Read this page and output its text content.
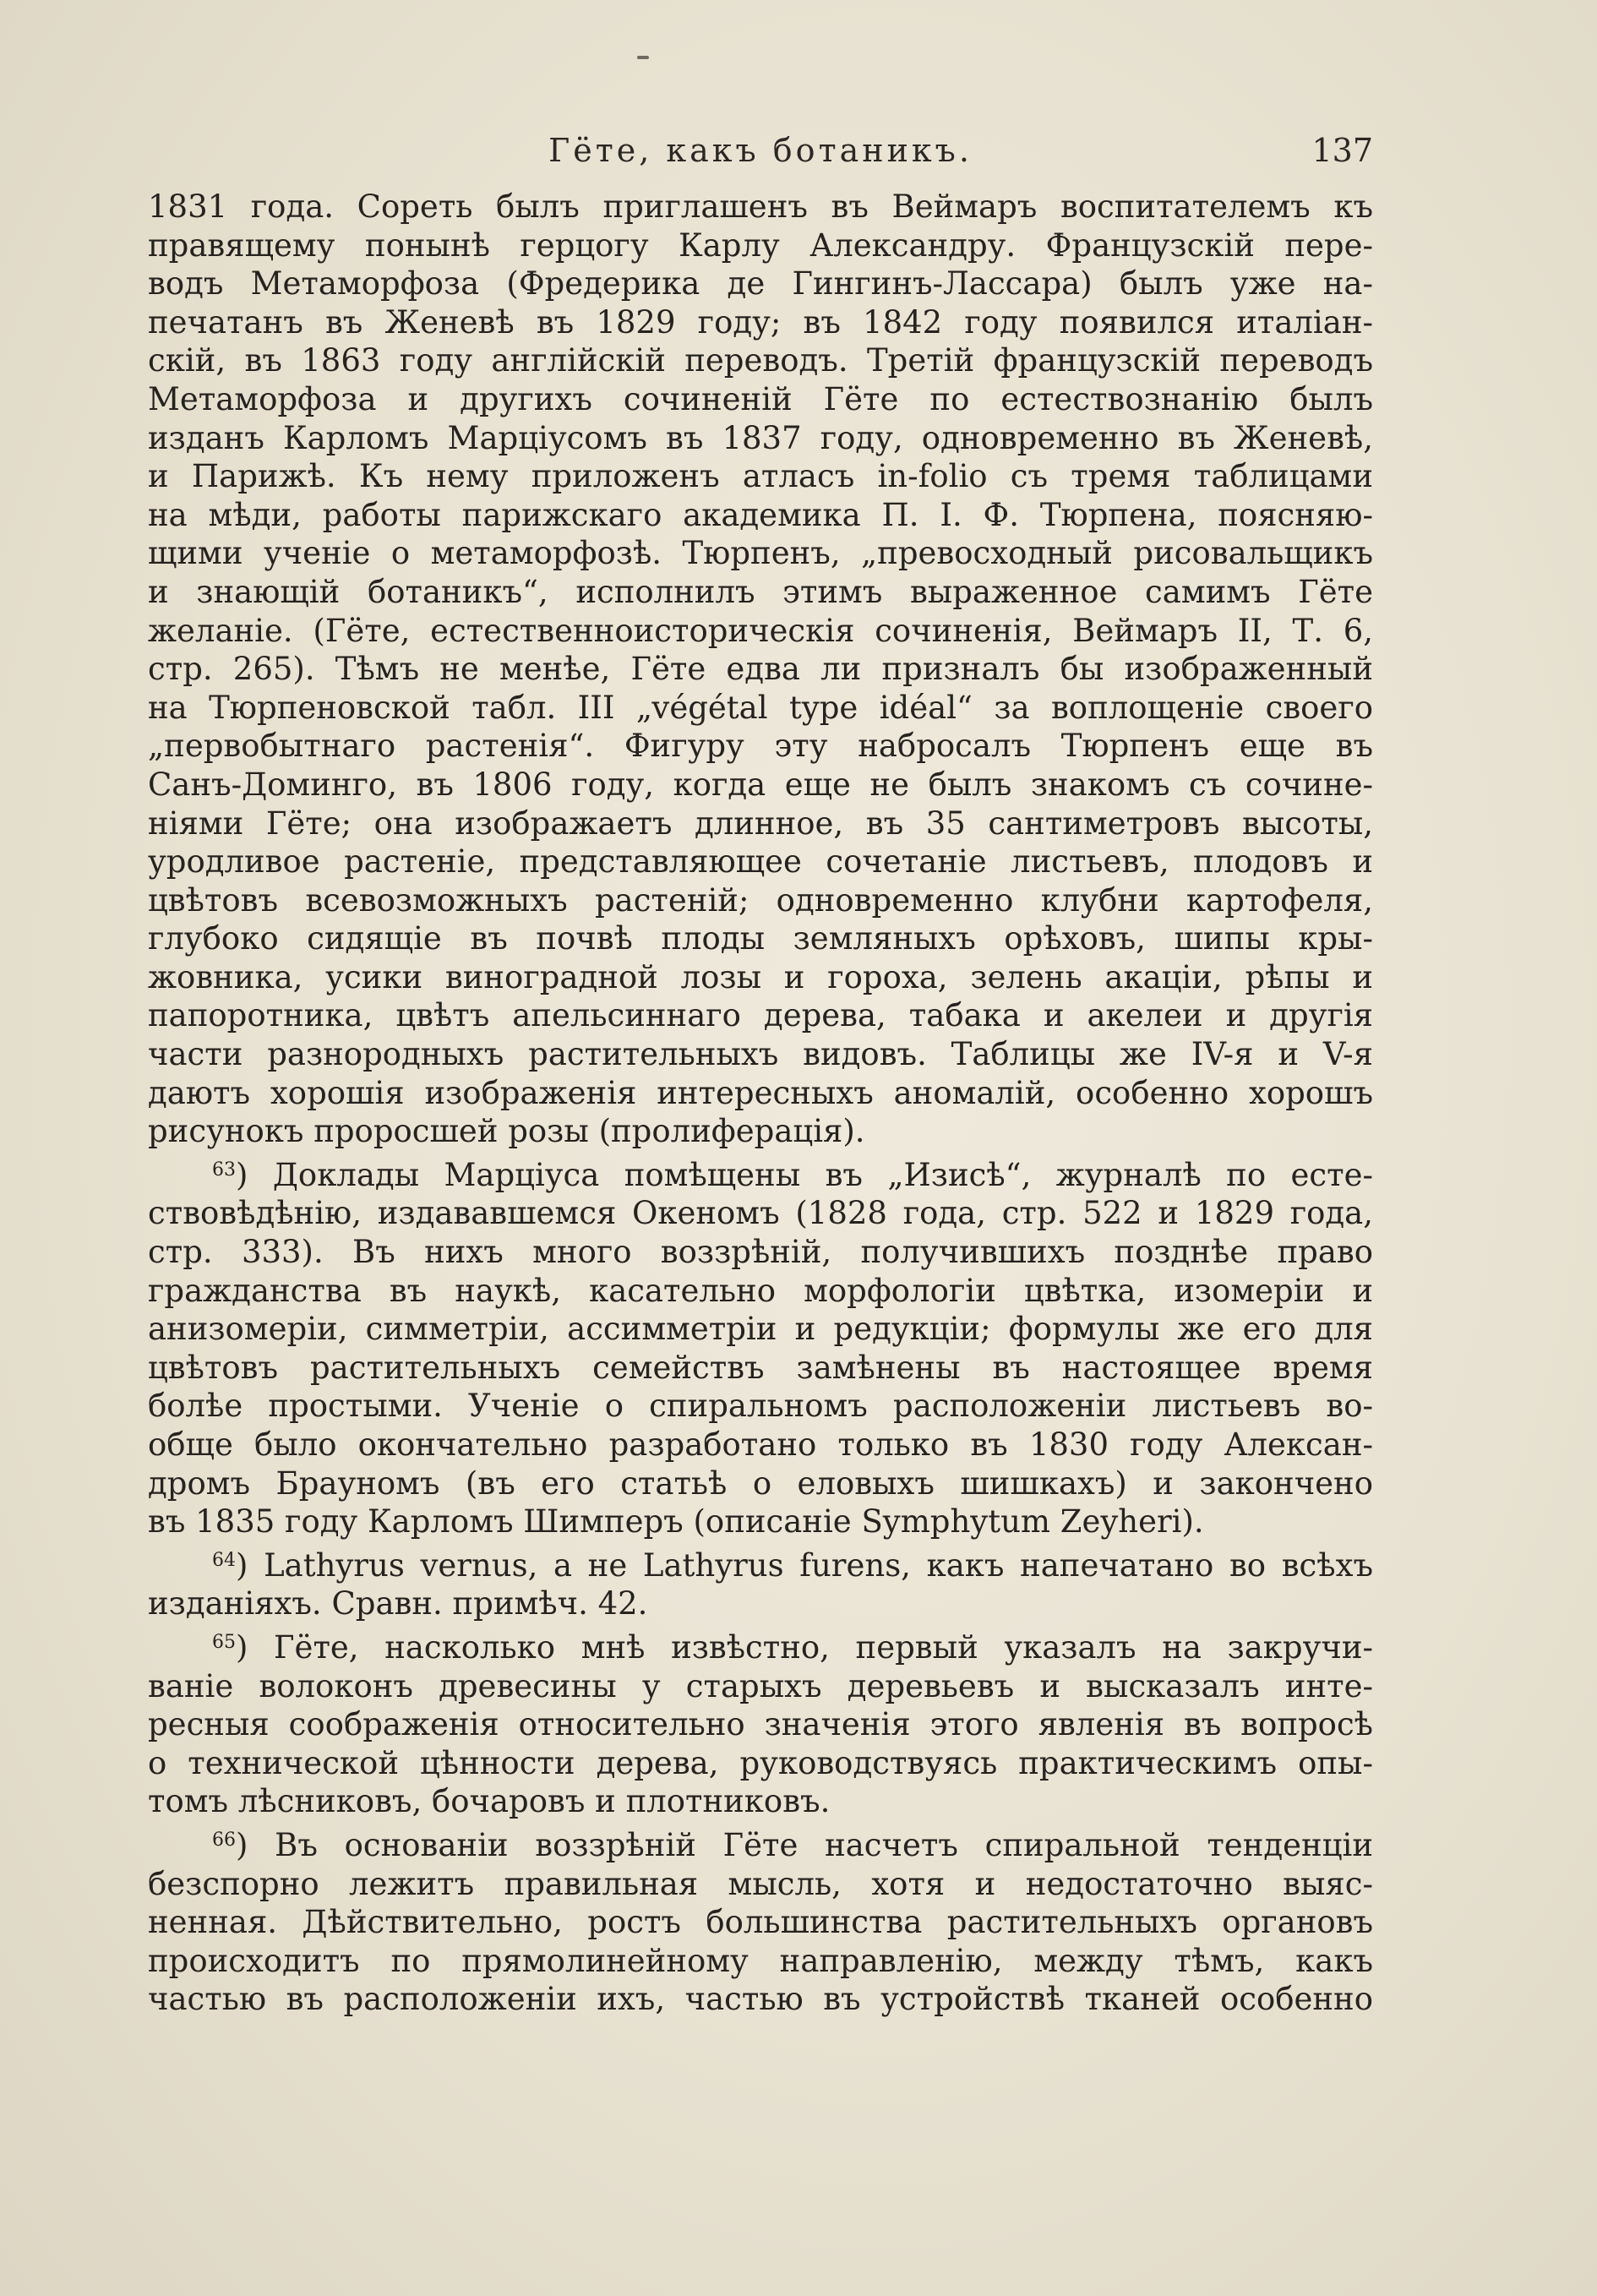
Гёте, какъ ботаникъ.	137
1831 года. Сореть былъ приглашенъ въ Веймаръ воспитателемъ къ
правящему понынѣ герцогу Карлу Александру. Французскій пере-
водъ Метаморфоза (Фредерика де Гингинъ-Лассара) былъ уже на-
печатанъ въ Женевѣ въ 1829 году; въ 1842 году появился италіан-
скій, въ 1863 году англійскій переводъ. Третій французскій переводъ
Метаморфоза и другихъ сочиненій Гёте по естествознанію былъ
изданъ Карломъ Марціусомъ въ 1837 году, одновременно въ Женевѣ,
и Парижѣ. Къ нему приложенъ атласъ in-folio съ тремя таблицами
на мѣди, работы парижскаго академика П. I. Ф. Тюрпена, поясняю-
щими ученіе о метаморфозѣ. Тюрпенъ, „превосходный рисовальщикъ
и знающій ботаникъ“, исполнилъ этимъ выраженное самимъ Гёте
желаніе. (Гёте, естественноисторическія сочиненія, Веймаръ II, Т. 6,
стр. 265). Тѣмъ не менѣе, Гёте едва ли призналъ бы изображенный
на Тюрпеновской табл. III „végétal type idéal“ за воплощеніе своего
„первобытнаго растенія“. Фигуру эту набросалъ Тюрпенъ еще въ
Санъ-Доминго, въ 1806 году, когда еще не былъ знакомъ съ сочине-
ніями Гёте; она изображаетъ длинное, въ 35 сантиметровъ высоты,
уродливое растеніе, представляющее сочетаніе листьевъ, плодовъ и
цвѣтовъ всевозможныхъ растеній; одновременно клубни картофеля,
глубоко сидящіе въ почвѣ плоды земляныхъ орѣховъ, шипы кры-
жовника, усики виноградной лозы и гороха, зелень акаціи, рѣпы и
папоротника, цвѣтъ апельсиннаго дерева, табака и акелеи и другія
части разнородныхъ растительныхъ видовъ. Таблицы же IV-я и V-я
даютъ хорошія изображенія интересныхъ аномалій, особенно хорошъ
рисунокъ проросшей розы (пролиферація).
$^{63}$) Доклады Марціуса помѣщены въ „Изисѣ“, журналѣ по есте-
ствовѣдѣнію, издававшемся Океномъ (1828 года, стр. 522 и 1829 года,
стр. 333). Въ нихъ много воззрѣній, получившихъ позднѣе право
гражданства въ наукѣ, касательно морфологіи цвѣтка, изомеріи и
анизомеріи, симметріи, ассимметріи и редукціи; формулы же его для
цвѣтовъ растительныхъ семействъ замѣнены въ настоящее время
болѣе простыми. Ученіе о спиральномъ расположеніи листьевъ во-
обще было окончательно разработано только въ 1830 году Алексан-
дромъ Брауномъ (въ его статьѣ о еловыхъ шишкахъ) и закончено
въ 1835 году Карломъ Шимперъ (описаніе Symphytum Zeyheri).
$^{64}$) Lathyrus vernus, а не Lathyrus furens, какъ напечатано во всѣхъ
изданіяхъ. Сравн. примѣч. 42.
$^{65}$) Гёте, насколько мнѣ извѣстно, первый указалъ на закручи-
ваніе волоконъ древесины у старыхъ деревьевъ и высказалъ инте-
ресныя соображенія относительно значенія этого явленія въ вопросѣ
о технической цѣнности дерева, руководствуясь практическимъ опы-
томъ лѣсниковъ, бочаровъ и плотниковъ.
$^{66}$) Въ основаніи воззрѣній Гёте насчетъ спиральной тенденціи
безспорно лежитъ правильная мысль, хотя и недостаточно выяс-
ненная. Дѣйствительно, ростъ большинства растительныхъ органовъ
происходитъ по прямолинейному направленію, между тѣмъ, какъ
частью въ расположеніи ихъ, частью въ устройствѣ тканей особенно
